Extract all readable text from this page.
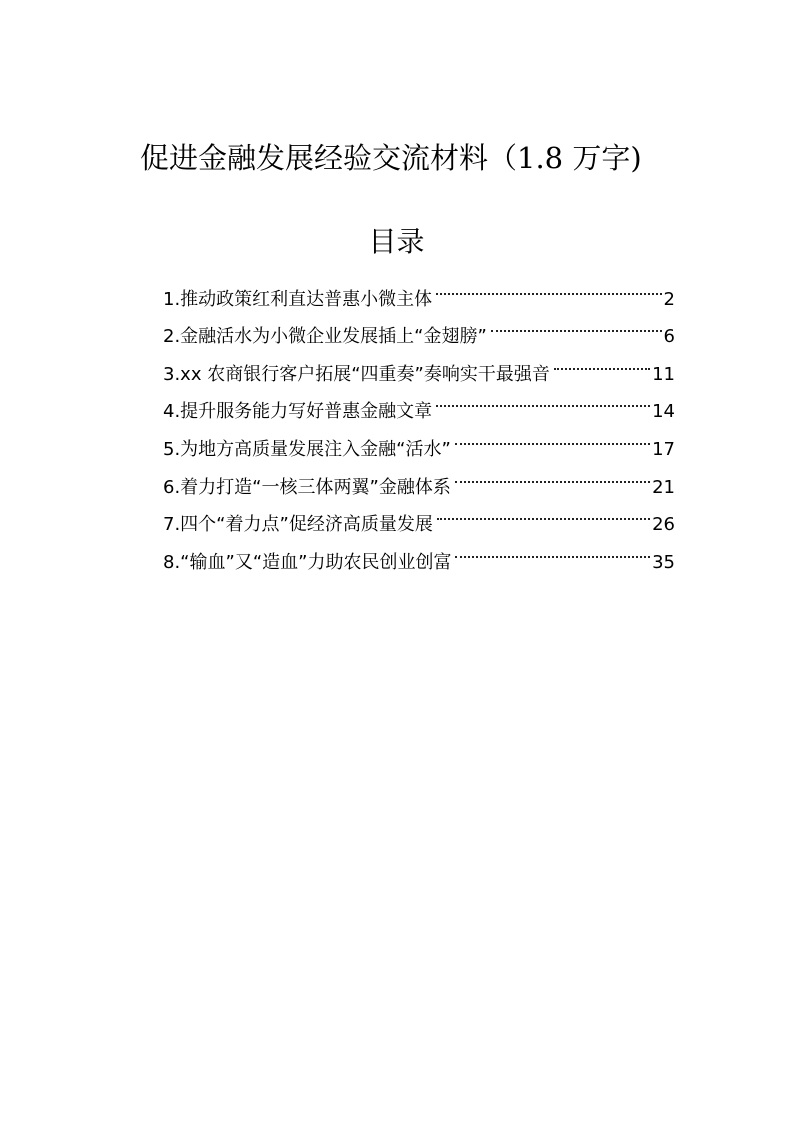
促进金融发展经验交流材料（1.8 万字)
目录
1.推动政策红利直达普惠小微主体	2
2.金融活水为小微企业发展插上“金翅膀”	6
3.xx 农商银行客户拓展“四重奏”奏响实干最强音	11
4.提升服务能力写好普惠金融文章	14
5.为地方高质量发展注入金融“活水”	17
6.着力打造“一核三体两翼”金融体系	21
7.四个“着力点”促经济高质量发展	26
8.“输血”又“造血”力助农民创业创富	35
